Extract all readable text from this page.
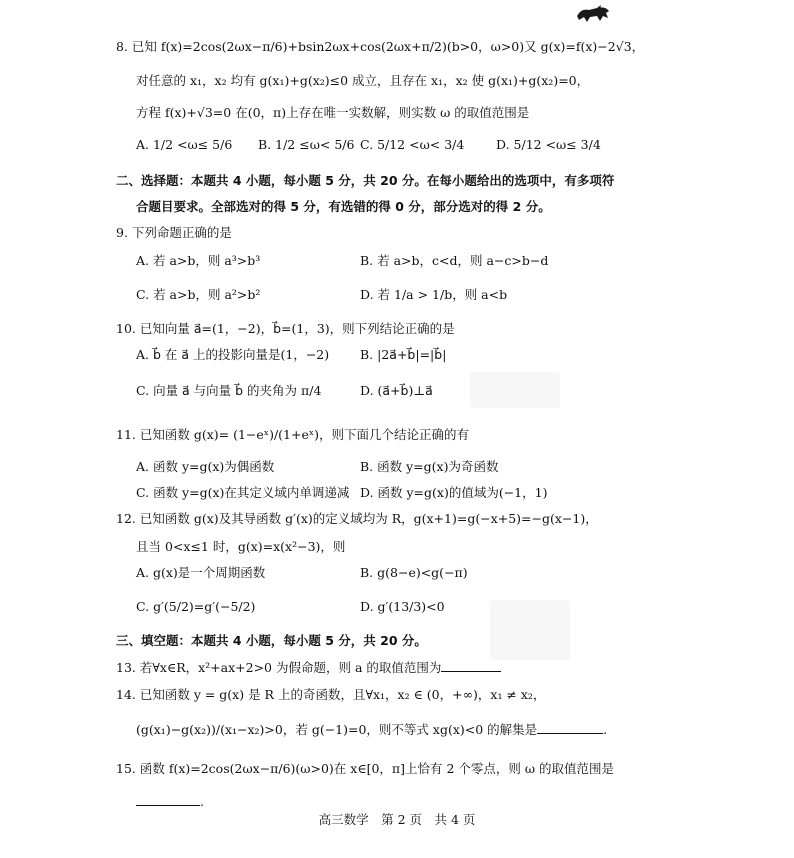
8. 已知 f(x)=2cos(2ωx−π/6)+bsin2ωx+cos(2ωx+π/2)(b>0，ω>0)又 g(x)=f(x)−2√3，
对任意的 x₁，x₂ 均有 g(x₁)+g(x₂)≤0 成立，且存在 x₁，x₂ 使 g(x₁)+g(x₂)=0，
方程 f(x)+√3=0 在(0，π)上存在唯一实数解，则实数 ω 的取值范围是
A. 1/2 <ω≤ 5/6 B. 1/2 ≤ω< 5/6 C. 5/12 <ω< 3/4	D. 5/12 <ω≤ 3/4
二、选择题：本题共 4 小题，每小题 5 分，共 20 分。在每小题给出的选项中，有多项符
合题目要求。全部选对的得 5 分，有选错的得 0 分，部分选对的得 2 分。
9. 下列命题正确的是
A. 若 a>b，则 a³>b³	B. 若 a>b，c<d，则 a−c>b−d
C. 若 a>b，则 a²>b²	D. 若 1/a > 1/b，则 a<b
10. 已知向量 a⃗=(1，−2)，b⃗=(1，3)，则下列结论正确的是
A. b⃗ 在 a⃗ 上的投影向量是(1，−2) B. |2a⃗+b⃗|=|b⃗|
C. 向量 a⃗ 与向量 b⃗ 的夹角为 π/4	D. (a⃗+b⃗)⊥a⃗
11. 已知函数 g(x)= (1−eˣ)/(1+eˣ)，则下面几个结论正确的有
A. 函数 y=g(x)为偶函数	B. 函数 y=g(x)为奇函数
C. 函数 y=g(x)在其定义域内单调递减 D. 函数 y=g(x)的值域为(−1，1)
12. 已知函数 g(x)及其导函数 g′(x)的定义域均为 R，g(x+1)=g(−x+5)=−g(x−1)，
且当 0<x≤1 时，g(x)=x(x²−3)，则
A. g(x)是一个周期函数	B. g(8−e)<g(−π)
C. g′(5/2)=g′(−5/2)	D. g′(13/3)<0
三、填空题：本题共 4 小题，每小题 5 分，共 20 分。
13. 若∀x∈R，x²+ax+2>0 为假命题，则 a 的取值范围为
14. 已知函数 y = g(x) 是 R 上的奇函数，且∀x₁，x₂ ∈ (0，+∞)，x₁ ≠ x₂，
(g(x₁)−g(x₂))/(x₁−x₂)>0，若 g(−1)=0，则不等式 xg(x)<0 的解集是	.
15. 函数 f(x)=2cos(2ωx−π/6)(ω>0)在 x∈[0，π]上恰有 2 个零点，则 ω 的取值范围是
.
高三数学　第 2 页　共 4 页
